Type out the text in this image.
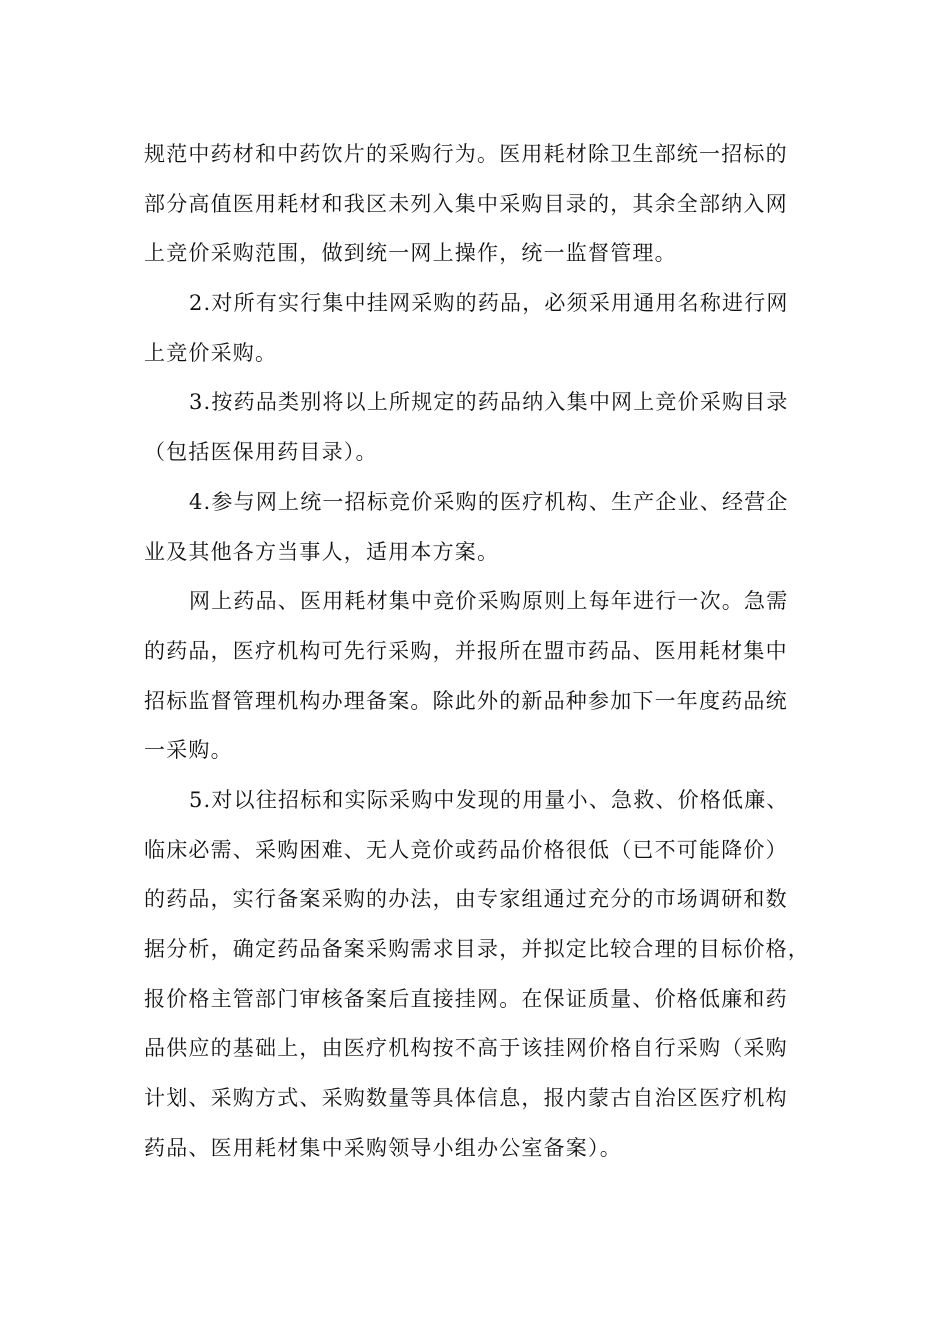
规范中药材和中药饮片的采购行为。医用耗材除卫生部统一招标的
部分高值医用耗材和我区未列入集中采购目录的，其余全部纳入网
上竞价采购范围，做到统一网上操作，统一监督管理。
2.对所有实行集中挂网采购的药品，必须采用通用名称进行网
上竞价采购。
3.按药品类别将以上所规定的药品纳入集中网上竞价采购目录
（包括医保用药目录）。
4.参与网上统一招标竞价采购的医疗机构、生产企业、经营企
业及其他各方当事人，适用本方案。
网上药品、医用耗材集中竞价采购原则上每年进行一次。急需
的药品，医疗机构可先行采购，并报所在盟市药品、医用耗材集中
招标监督管理机构办理备案。除此外的新品种参加下一年度药品统
一采购。
5.对以往招标和实际采购中发现的用量小、急救、价格低廉、
临床必需、采购困难、无人竞价或药品价格很低（已不可能降价）
的药品，实行备案采购的办法，由专家组通过充分的市场调研和数
据分析，确定药品备案采购需求目录，并拟定比较合理的目标价格，
报价格主管部门审核备案后直接挂网。在保证质量、价格低廉和药
品供应的基础上，由医疗机构按不高于该挂网价格自行采购（采购
计划、采购方式、采购数量等具体信息，报内蒙古自治区医疗机构
药品、医用耗材集中采购领导小组办公室备案）。
